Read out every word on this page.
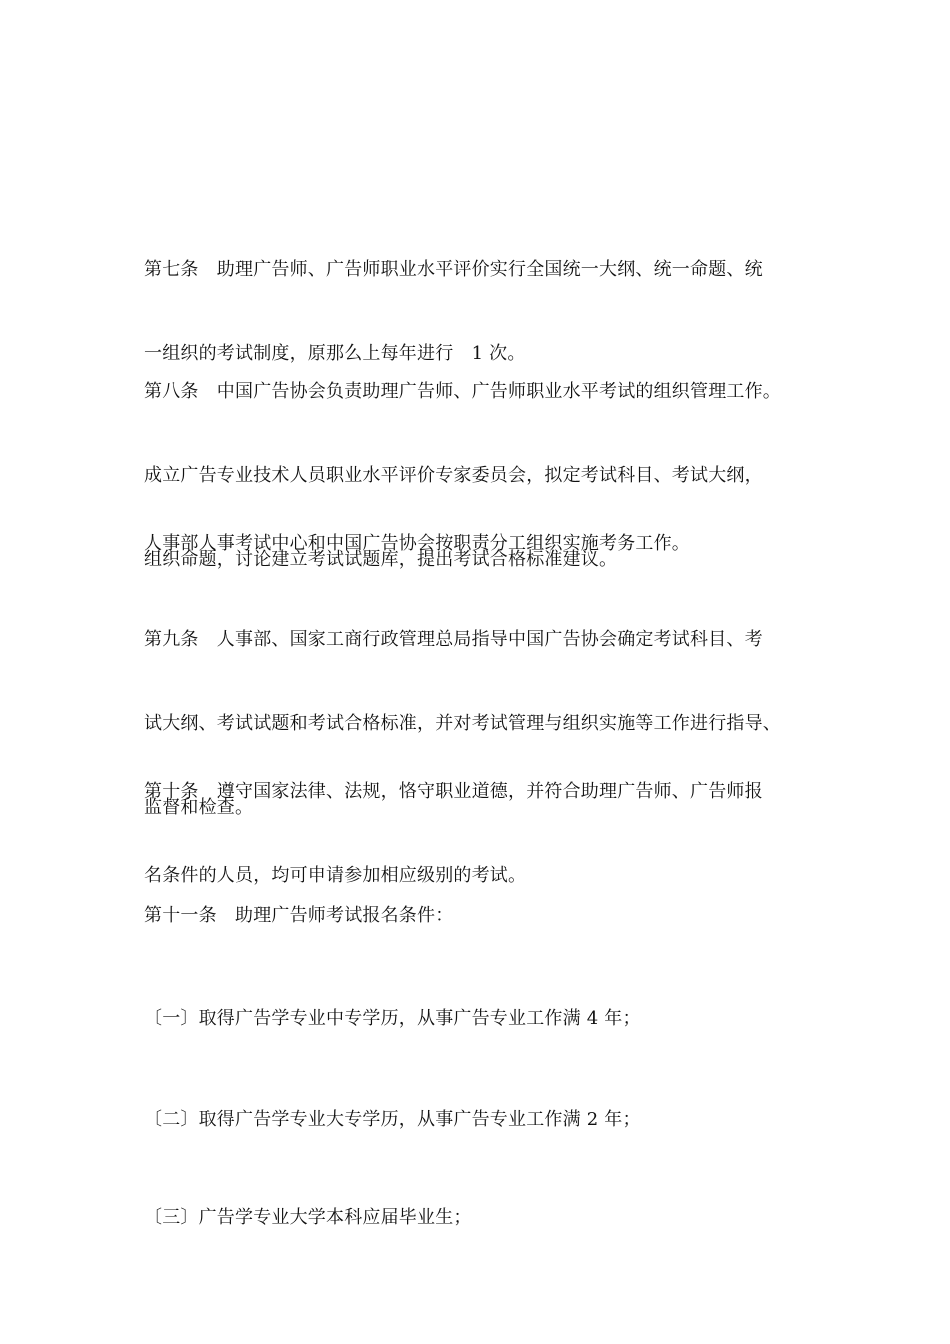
第七条　助理广告师、广告师职业水平评价实行全国统一大纲、统一命题、统

一组织的考试制度，原那么上每年进行　1 次。

第八条　中国广告协会负责助理广告师、广告师职业水平考试的组织管理工作。

成立广告专业技术人员职业水平评价专家委员会，拟定考试科目、考试大纲，

组织命题，讨论建立考试试题库，提出考试合格标准建议。

人事部人事考试中心和中国广告协会按职责分工组织实施考务工作。

第九条　人事部、国家工商行政管理总局指导中国广告协会确定考试科目、考

试大纲、考试试题和考试合格标准，并对考试管理与组织实施等工作进行指导、

监督和检查。

第十条　遵守国家法律、法规，恪守职业道德，并符合助理广告师、广告师报

名条件的人员，均可申请参加相应级别的考试。

第十一条　助理广告师考试报名条件：

〔一〕取得广告学专业中专学历，从事广告专业工作满 4 年；

〔二〕取得广告学专业大专学历，从事广告专业工作满 2 年；

〔三〕广告学专业大学本科应届毕业生；
